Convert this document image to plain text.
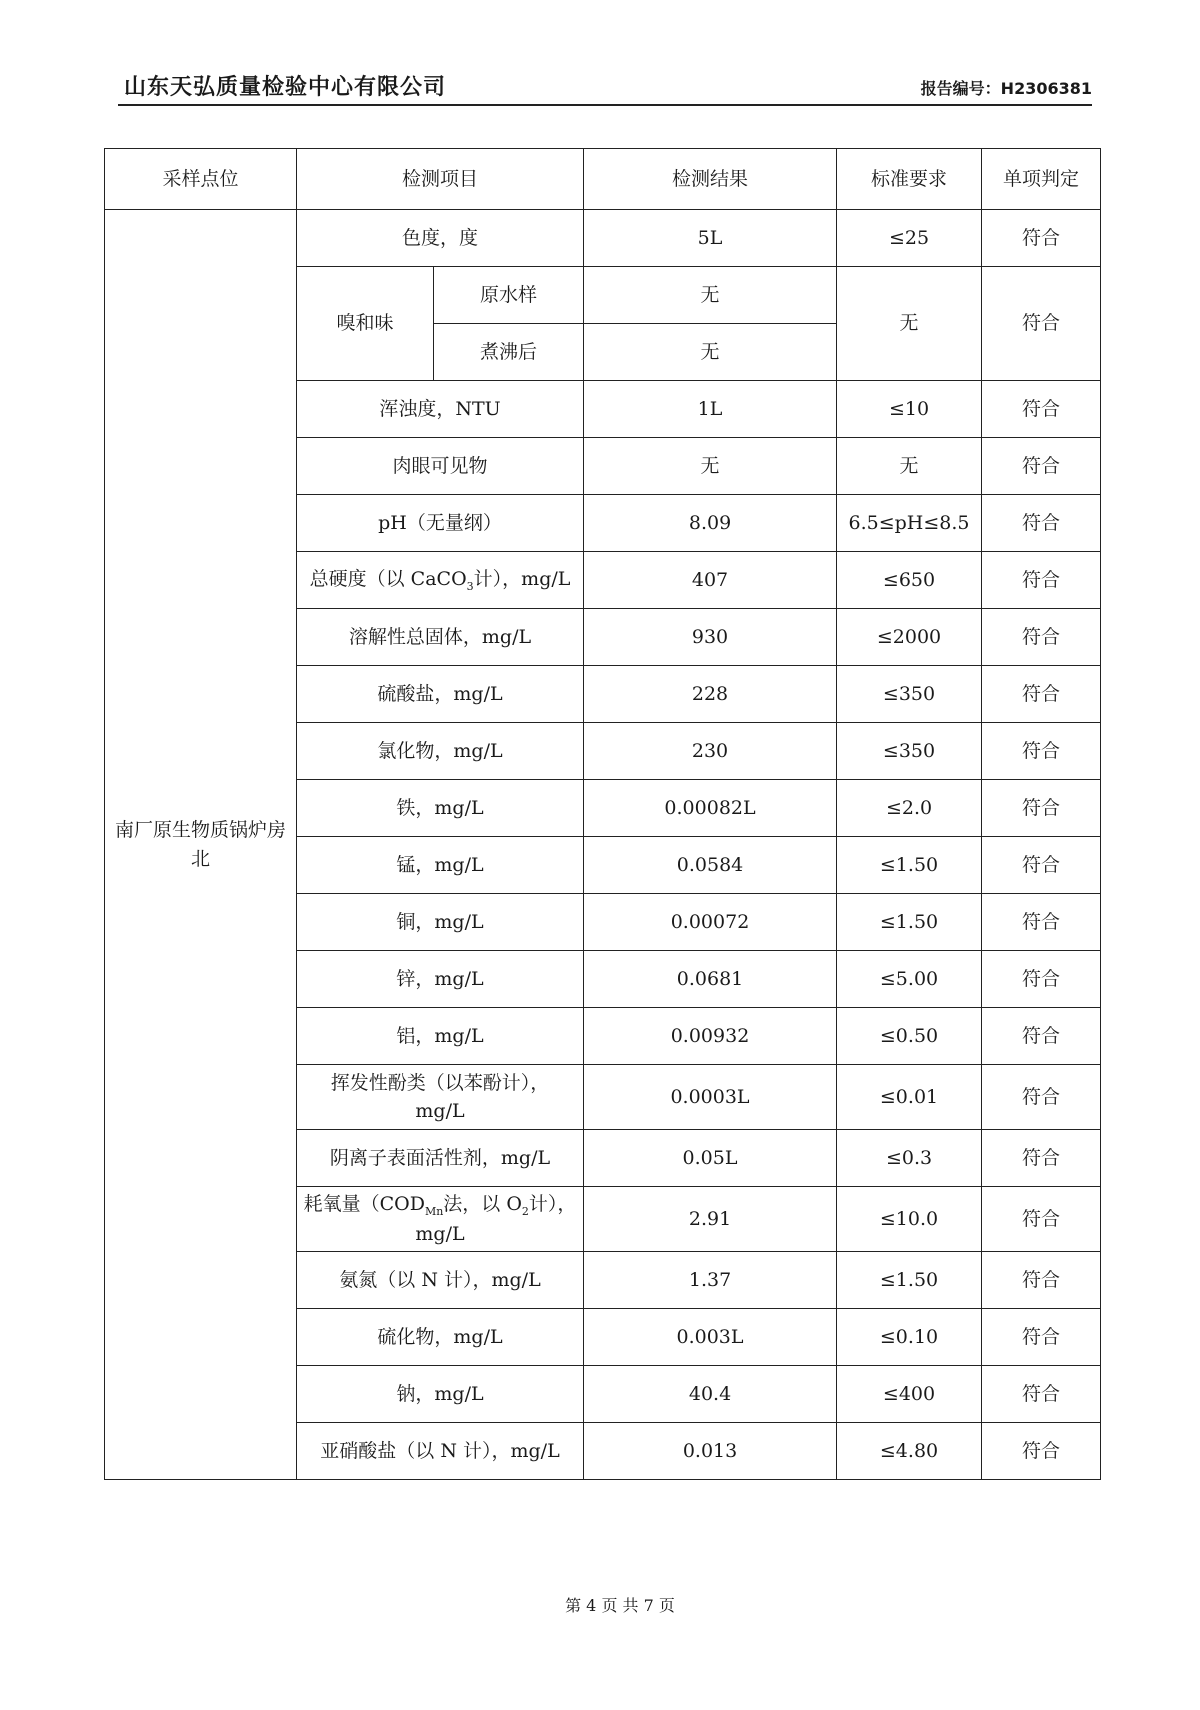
山东天弘质量检验中心有限公司	报告编号：H2306381
采样点位	检测项目		检测结果	标准要求	单项判定
南厂原生物质锅炉房北	色度，度		5L	≤25	符合
	嗅和味	原水样	无	无	符合
		煮沸后	无		
	浑浊度，NTU		1L	≤10	符合
	肉眼可见物		无	无	符合
	pH（无量纲）		8.09	6.5≤pH≤8.5	符合
	总硬度（以 CaCO$_3$计），mg/L		407	≤650	符合
	溶解性总固体，mg/L		930	≤2000	符合
	硫酸盐，mg/L		228	≤350	符合
	氯化物，mg/L		230	≤350	符合
	铁，mg/L		0.00082L	≤2.0	符合
	锰，mg/L		0.0584	≤1.50	符合
	铜，mg/L		0.00072	≤1.50	符合
	锌，mg/L		0.0681	≤5.00	符合
	铝，mg/L		0.00932	≤0.50	符合
	挥发性酚类（以苯酚计），
mg/L		0.0003L	≤0.01	符合
	阴离子表面活性剂，mg/L		0.05L	≤0.3	符合
	耗氧量（$COD_{Mn}$法，以 $O_2$计），
mg/L		2.91	≤10.0	符合
	氨氮（以 N 计），mg/L		1.37	≤1.50	符合
	硫化物，mg/L		0.003L	≤0.10	符合
	钠，mg/L		40.4	≤400	符合
	亚硝酸盐（以 N 计），mg/L		0.013	≤4.80	符合
第 4 页 共 7 页
